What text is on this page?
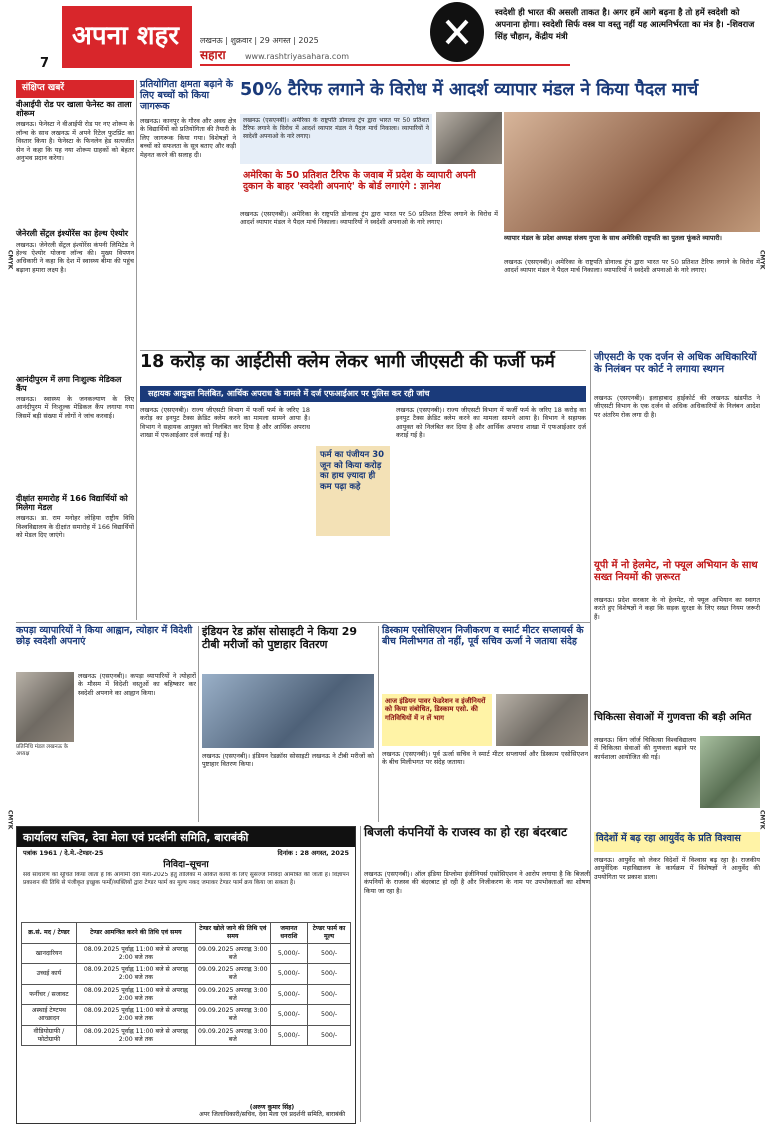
CMYK
CMYK
CMYK
CMYK
अपना शहर
7
लखनऊ | शुक्रवार | 29 अगस्त | 2025
सहारा www.rashtriyasahara.com
स्वदेशी ही भारत की असली ताकत है। अगर हमें आगे बढ़ना है तो हमें स्वदेशी को अपनाना होगा। स्वदेशी सिर्फ वस्त्र या वस्तु नहीं यह आत्मनिर्भरता का मंत्र है। -शिवराज सिंह चौहान, केंद्रीय मंत्री
संक्षिप्त खबरें
वीआईपी रोड पर खाला फेनेस्ट का ताला शोरूम
लखनऊ। फेनेस्टा ने वीआईपी रोड पर नए शोरूम के लॉन्च के साथ लखनऊ में अपने रिटेल फुटप्रिंट का विस्तार किया है। फेनेस्टा के फिनलेन हेड सत्यजीत सेन ने कहा कि यह नया शोरूम ग्राहकों को बेहतर अनुभव प्रदान करेगा।
जेनेरली सेंट्रल इंश्योरेंस का हेल्थ ऐश्योर
लखनऊ। जेनेरली सेंट्रल इंश्योरेंस कंपनी लिमिटेड ने हेल्थ ऐश्योर योजना लॉन्च की। मुख्य विपणन अधिकारी ने कहा कि देश में स्वास्थ्य बीमा की पहुंच बढ़ाना हमारा लक्ष्य है।
आनंदीपुरम में लगा निःशुल्क मेडिकल कैंप
लखनऊ। स्वास्थ्य के जनकल्याण के लिए आनंदीपुरम में निःशुल्क मेडिकल कैंप लगाया गया जिसमें बड़ी संख्या में लोगों ने जांच करवाई।
दीक्षांत समारोह में 166 विद्यार्थियों को मिलेगा मेडल
लखनऊ। डा. राम मनोहर लोहिया राष्ट्रीय विधि विश्वविद्यालय के दीक्षांत समारोह में 166 विद्यार्थियों को मेडल दिए जाएंगे।
प्रतियोगिता क्षमता बढ़ाने के लिए बच्चों को किया जागरूक
लखनऊ। कानपुर के गौरव और अवध क्षेत्र के विद्यार्थियों को प्रतियोगिता की तैयारी के लिए जागरूक किया गया। विशेषज्ञों ने बच्चों को सफलता के सूत्र बताए और कड़ी मेहनत करने की सलाह दी।
50% टैरिफ लगाने के विरोध में आदर्श व्यापार मंडल ने किया पैदल मार्च
लखनऊ (एसएनबी)। अमेरिका के राष्ट्रपति डोनाल्ड ट्रंप द्वारा भारत पर 50 प्रतिशत टैरिफ लगाने के विरोध में आदर्श व्यापार मंडल ने पैदल मार्च निकाला। व्यापारियों ने स्वदेशी अपनाओ के नारे लगाए।
अमेरिका के 50 प्रतिशत टैरिफ के जवाब में प्रदेश के व्यापारी अपनी दुकान के बाहर 'स्वदेशी अपनाएं' के बोर्ड लगाएंगे : ज्ञानेश
लखनऊ (एसएनबी)। अमेरिका के राष्ट्रपति डोनाल्ड ट्रंप द्वारा भारत पर 50 प्रतिशत टैरिफ लगाने के विरोध में आदर्श व्यापार मंडल ने पैदल मार्च निकाला। व्यापारियों ने स्वदेशी अपनाओ के नारे लगाए।
व्यापार मंडल के प्रदेश अध्यक्ष संजय गुप्ता के साथ अमेरिकी राष्ट्रपति का पुतला फूंकते व्यापारी।
लखनऊ (एसएनबी)। अमेरिका के राष्ट्रपति डोनाल्ड ट्रंप द्वारा भारत पर 50 प्रतिशत टैरिफ लगाने के विरोध में आदर्श व्यापार मंडल ने पैदल मार्च निकाला। व्यापारियों ने स्वदेशी अपनाओ के नारे लगाए।
18 करोड़ का आईटीसी क्लेम लेकर भागी जीएसटी की फर्जी फर्म
सहायक आयुक्त निलंबित, आर्थिक अपराध के मामले में दर्ज एफआईआर पर पुलिस कर रही जांच
लखनऊ (एसएनबी)। राज्य जीएसटी विभाग में फर्जी फर्म के जरिए 18 करोड़ का इनपुट टैक्स क्रेडिट क्लेम करने का मामला सामने आया है। विभाग ने सहायक आयुक्त को निलंबित कर दिया है और आर्थिक अपराध शाखा में एफआईआर दर्ज कराई गई है।
फर्म का पंजीयन 30 जून को किया करोड़ का हाथ ज़्यादा ही कम पढ़ा कहे
लखनऊ (एसएनबी)। राज्य जीएसटी विभाग में फर्जी फर्म के जरिए 18 करोड़ का इनपुट टैक्स क्रेडिट क्लेम करने का मामला सामने आया है। विभाग ने सहायक आयुक्त को निलंबित कर दिया है और आर्थिक अपराध शाखा में एफआईआर दर्ज कराई गई है।
जीएसटी के एक दर्जन से अधिक अधिकारियों के निलंबन पर कोर्ट ने लगाया स्थगन
लखनऊ (एसएनबी)। इलाहाबाद हाईकोर्ट की लखनऊ खंडपीठ ने जीएसटी विभाग के एक दर्जन से अधिक अधिकारियों के निलंबन आदेश पर अंतरिम रोक लगा दी है।
यूपी में नो हेलमेट, नो फ्यूल अभियान के साथ सख्त नियमों की ज़रूरत
लखनऊ। प्रदेश सरकार के नो हेलमेट, नो फ्यूल अभियान का स्वागत करते हुए विशेषज्ञों ने कहा कि सड़क सुरक्षा के लिए सख्त नियम जरूरी हैं।
चिकित्सा सेवाओं में गुणवत्ता की बड़ी अमित
लखनऊ। किंग जॉर्ज चिकित्सा विश्वविद्यालय में चिकित्सा सेवाओं की गुणवत्ता बढ़ाने पर कार्यशाला आयोजित की गई।
विदेशों में बढ़ रहा आयुर्वेद के प्रति विश्वास
लखनऊ। आयुर्वेद को लेकर विदेशों में विश्वास बढ़ रहा है। राजकीय आयुर्वेदिक महाविद्यालय के कार्यक्रम में विशेषज्ञों ने आयुर्वेद की उपयोगिता पर प्रकाश डाला।
कपड़ा व्यापारियों ने किया आह्वान, त्योहार में विदेशी छोड़ स्वदेशी अपनाएं
प्रतिनिधि मंडल लखनऊ के अध्यक्ष
लखनऊ (एसएनबी)। कपड़ा व्यापारियों ने त्योहारों के मौसम में विदेशी वस्तुओं का बहिष्कार कर स्वदेशी अपनाने का आह्वान किया।
इंडियन रेड क्रॉस सोसाइटी ने किया 29 टीबी मरीजों को पुष्टाहार वितरण
लखनऊ (एसएनबी)। इंडियन रेडक्रॉस सोसाइटी लखनऊ ने टीबी मरीजों को पुष्टाहार वितरण किया।
डिस्काम एसोसिएशन निजीकरण व स्मार्ट मीटर सप्लायर्स के बीच मिलीभगत तो नहीं, पूर्व सचिव ऊर्जा ने जताया संदेह
आज इंडियन पावर फेडरेशन व इंजीनियरों को किया संबोधित, डिस्काम एसो. की गतिविधियों में न लें भाग
लखनऊ (एसएनबी)। पूर्व ऊर्जा सचिव ने स्मार्ट मीटर सप्लायर्स और डिस्काम एसोसिएशन के बीच मिलीभगत पर संदेह जताया।
कार्यालय सचिव, देवा मेला एवं प्रदर्शनी समिति, बाराबंकी
पत्रांक 1961 / दे.मे.-टेण्डर-25	दिनांक : 28 अगस्त, 2025
निविदा–सूचना
सर्व साधारण को सूचित किया जाता है कि आगामी देवा मेला-2025 हेतु तालिका में अंकित कार्यों के लिए सुसज्ज निविदा आमंत्रित की जाती है। विज्ञापन प्रकाशन की तिथि से पंजीकृत इच्छुक फर्मों/व्यक्तियों द्वारा टेण्डर फार्म का मूल्य नकद जमाकर टेण्डर फार्म क्रय किया जा सकता है।
क्र.सं. मद / टेण्डर	टेण्डर आमन्त्रित करने की तिथि एवं समय	टेण्डर खोले जाने की तिथि एवं समय	जमानत धनराशि	टेण्डर फार्म का मूल्य
खानदारियन	08.09.2025 पूर्वाह्न 11:00 बजे से अपराह्न 2:00 बजे तक	09.09.2025 अपराह्न 3:00 बजे	5,000/-	500/-
उच्चई कार्य	08.09.2025 पूर्वाह्न 11:00 बजे से अपराह्न 2:00 बजे तक	09.09.2025 अपराह्न 3:00 बजे	5,000/-	500/-
फर्नीचर / सजावट	08.09.2025 पूर्वाह्न 11:00 बजे से अपराह्न 2:00 बजे तक	09.09.2025 अपराह्न 3:00 बजे	5,000/-	500/-
अस्थाई टेण्टपथ आच्छादन	08.09.2025 पूर्वाह्न 11:00 बजे से अपराह्न 2:00 बजे तक	09.09.2025 अपराह्न 3:00 बजे	5,000/-	500/-
वीडियोग्राफी / फोटोग्राफी	08.09.2025 पूर्वाह्न 11:00 बजे से अपराह्न 2:00 बजे तक	09.09.2025 अपराह्न 3:00 बजे	5,000/-	500/-
(अरुण कुमार सिंह)
अपर जिलाधिकारी/सचिव, देवा मेला एवं प्रदर्शनी समिति, बाराबंकी
बिजली कंपनियों के राजस्व का हो रहा बंदरबाट
लखनऊ (एसएनबी)। ऑल इंडिया डिप्लोमा इंजीनियर्स एसोसिएशन ने आरोप लगाया है कि बिजली कंपनियों के राजस्व की बंदरबाट हो रही है और निजीकरण के नाम पर उपभोक्ताओं का शोषण किया जा रहा है।
